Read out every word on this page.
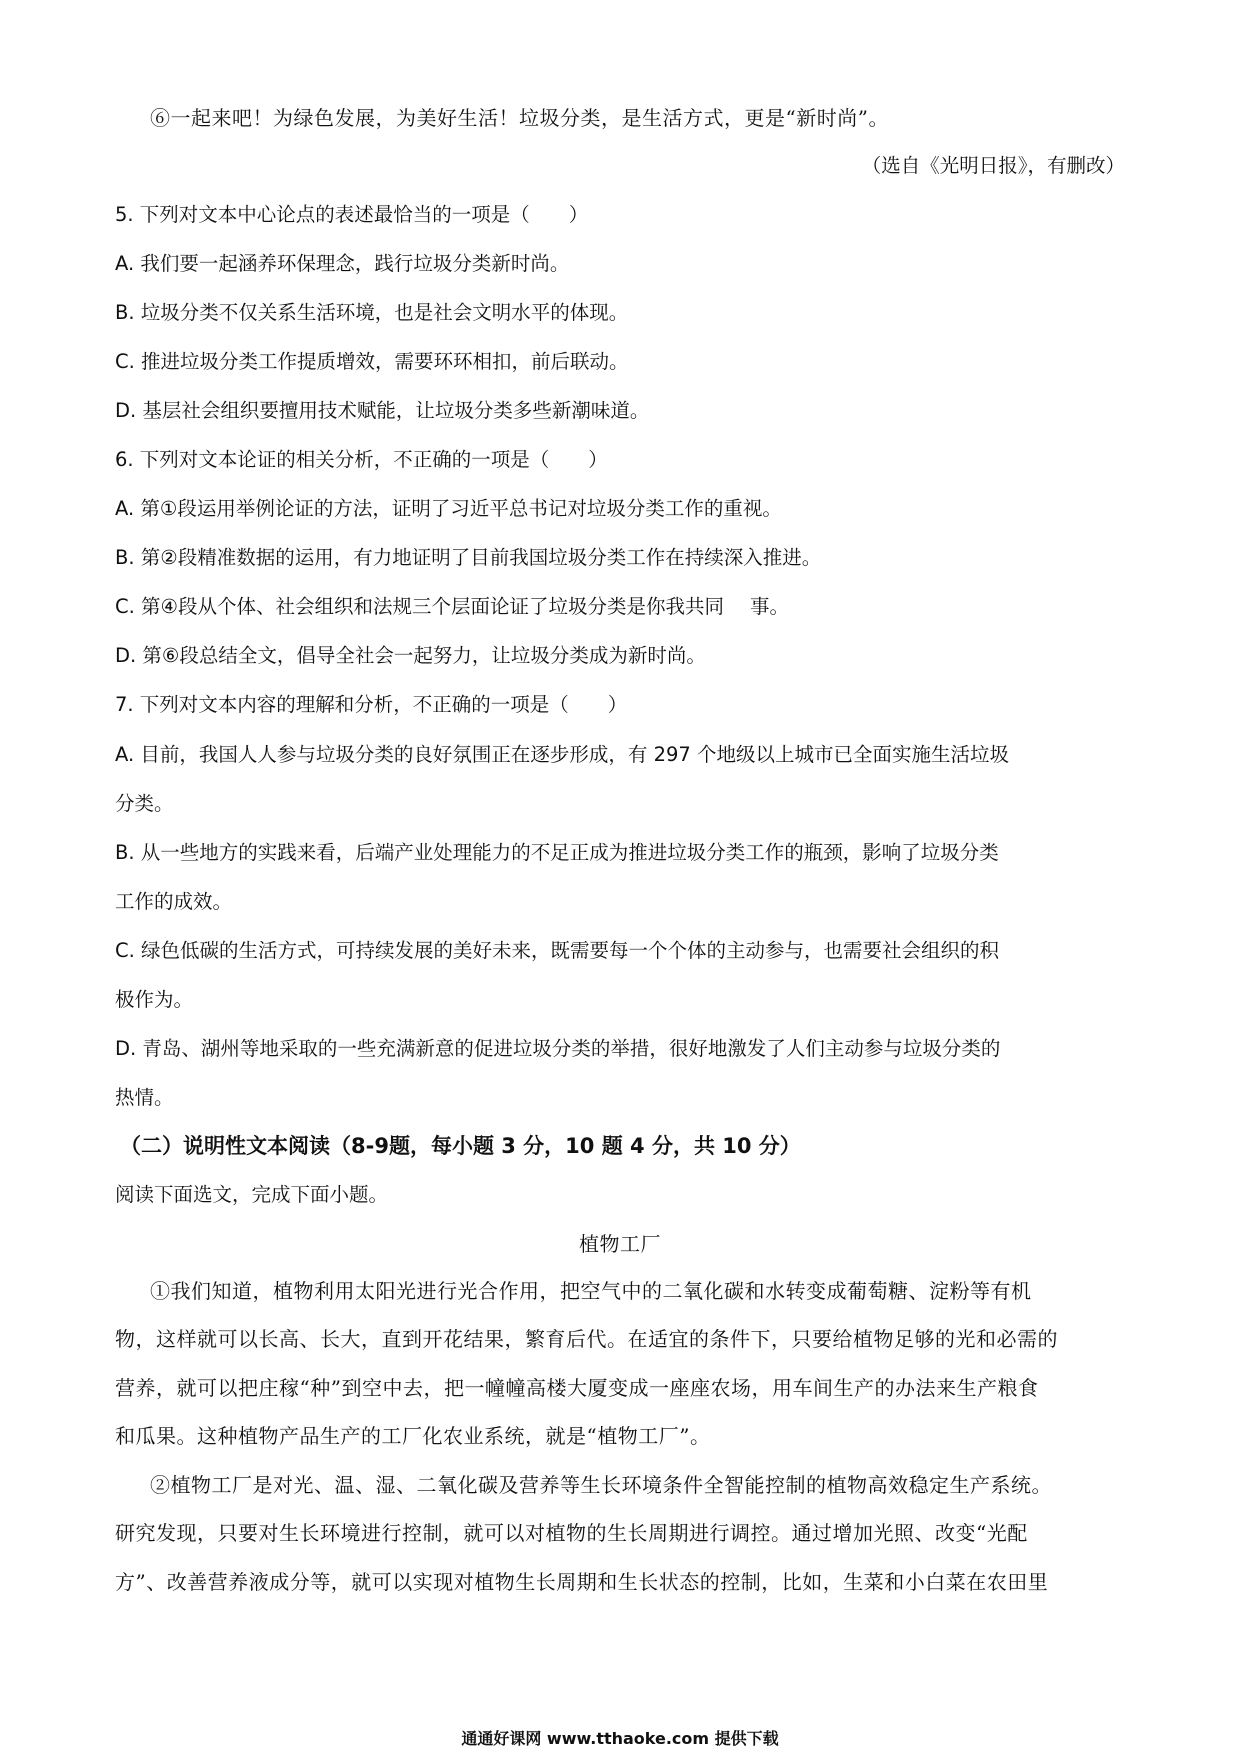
⑥一起来吧！为绿色发展，为美好生活！垃圾分类，是生活方式，更是“新时尚”。
（选自《光明日报》，有删改）
5. 下列对文本中心论点的表述最恰当的一项是（　　）
A. 我们要一起涵养环保理念，践行垃圾分类新时尚。
B. 垃圾分类不仅关系生活环境，也是社会文明水平的体现。
C. 推进垃圾分类工作提质增效，需要环环相扣，前后联动。
D. 基层社会组织要擅用技术赋能，让垃圾分类多些新潮味道。
6. 下列对文本论证的相关分析，不正确的一项是（　　）
A. 第①段运用举例论证的方法，证明了习近平总书记对垃圾分类工作的重视。
B. 第②段精准数据的运用，有力地证明了目前我国垃圾分类工作在持续深入推进。
C. 第④段从个体、社会组织和法规三个层面论证了垃圾分类是你我共同 事。
D. 第⑥段总结全文，倡导全社会一起努力，让垃圾分类成为新时尚。
7. 下列对文本内容的理解和分析，不正确的一项是（　　）
A. 目前，我国人人参与垃圾分类的良好氛围正在逐步形成，有 297 个地级以上城市已全面实施生活垃圾
分类。
B. 从一些地方的实践来看，后端产业处理能力的不足正成为推进垃圾分类工作的瓶颈，影响了垃圾分类
工作的成效。
C. 绿色低碳的生活方式，可持续发展的美好未来，既需要每一个个体的主动参与，也需要社会组织的积
极作为。
D. 青岛、湖州等地采取的一些充满新意的促进垃圾分类的举措，很好地激发了人们主动参与垃圾分类的
热情。
（二）说明性文本阅读（8-9题，每小题 3 分，10 题 4 分，共 10 分）
阅读下面选文，完成下面小题。
植物工厂
①我们知道，植物利用太阳光进行光合作用，把空气中的二氧化碳和水转变成葡萄糖、淀粉等有机
物，这样就可以长高、长大，直到开花结果，繁育后代。在适宜的条件下，只要给植物足够的光和必需的
营养，就可以把庄稼“种”到空中去，把一幢幢高楼大厦变成一座座农场，用车间生产的办法来生产粮食
和瓜果。这种植物产品生产的工厂化农业系统，就是“植物工厂”。
②植物工厂是对光、温、湿、二氧化碳及营养等生长环境条件全智能控制的植物高效稳定生产系统。
研究发现，只要对生长环境进行控制，就可以对植物的生长周期进行调控。通过增加光照、改变“光配
方”、改善营养液成分等，就可以实现对植物生长周期和生长状态的控制，比如，生菜和小白菜在农田里
通通好课网 www.tthaoke.com 提供下载
